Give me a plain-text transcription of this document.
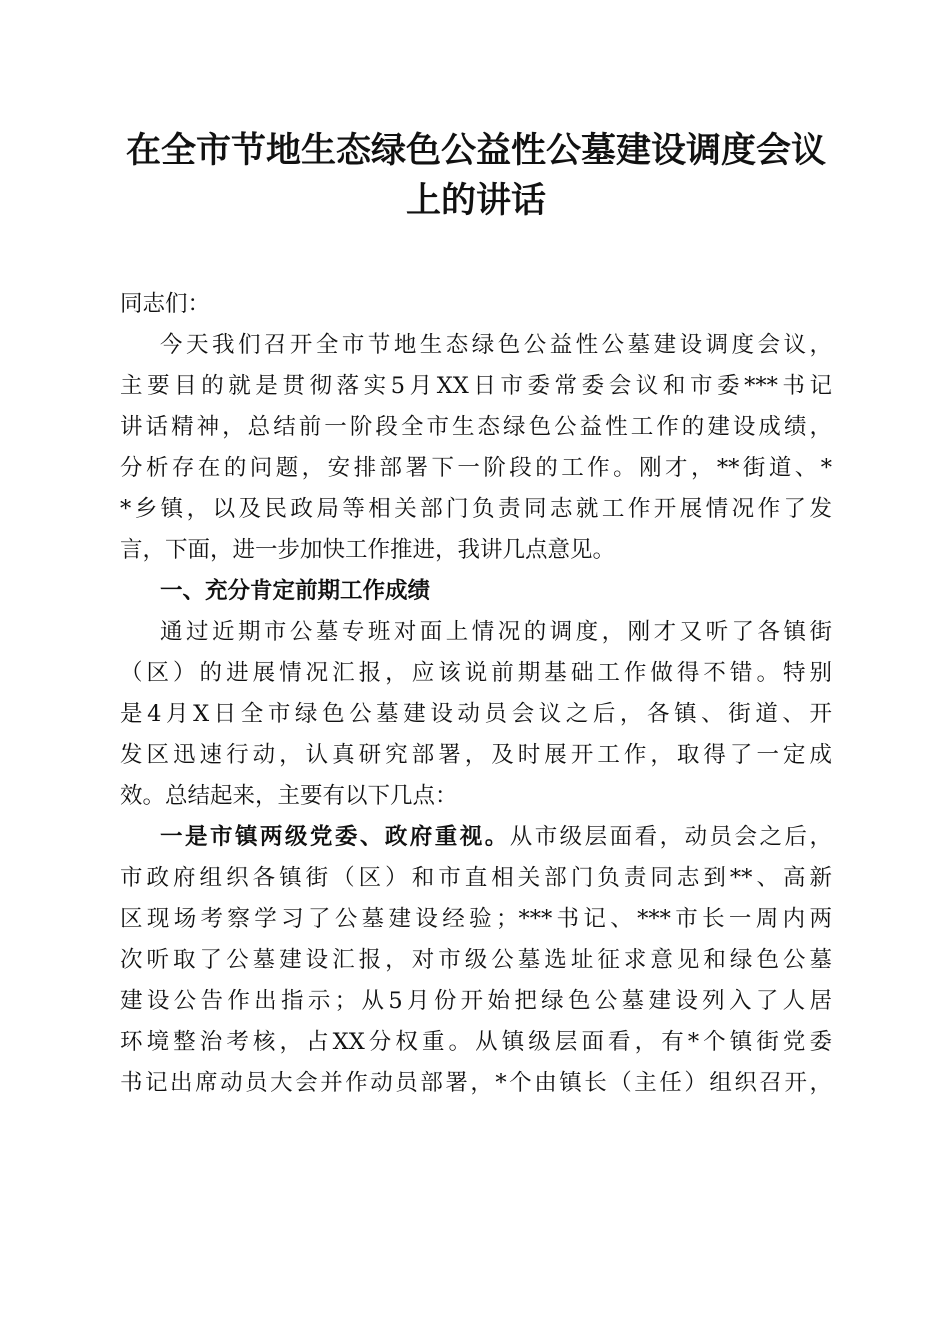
在全市节地生态绿色公益性公墓建设调度会议
上的讲话
同志们：
今天我们召开全市节地生态绿色公益性公墓建设调度会议，
主要目的就是贯彻落实5月XX日市委常委会议和市委***书记
讲话精神，总结前一阶段全市生态绿色公益性工作的建设成绩，
分析存在的问题，安排部署下一阶段的工作。刚才，**街道、*
*乡镇，以及民政局等相关部门负责同志就工作开展情况作了发
言，下面，进一步加快工作推进，我讲几点意见。
一、充分肯定前期工作成绩
通过近期市公墓专班对面上情况的调度，刚才又听了各镇街
（区）的进展情况汇报，应该说前期基础工作做得不错。特别
是4月X日全市绿色公墓建设动员会议之后，各镇、街道、开
发区迅速行动，认真研究部署，及时展开工作，取得了一定成
效。总结起来，主要有以下几点：
一是市镇两级党委、政府重视。从市级层面看，动员会之后，
市政府组织各镇街（区）和市直相关部门负责同志到**、高新
区现场考察学习了公墓建设经验；***书记、***市长一周内两
次听取了公墓建设汇报，对市级公墓选址征求意见和绿色公墓
建设公告作出指示；从5月份开始把绿色公墓建设列入了人居
环境整治考核，占XX分权重。从镇级层面看，有*个镇街党委
书记出席动员大会并作动员部署，*个由镇长（主任）组织召开，
